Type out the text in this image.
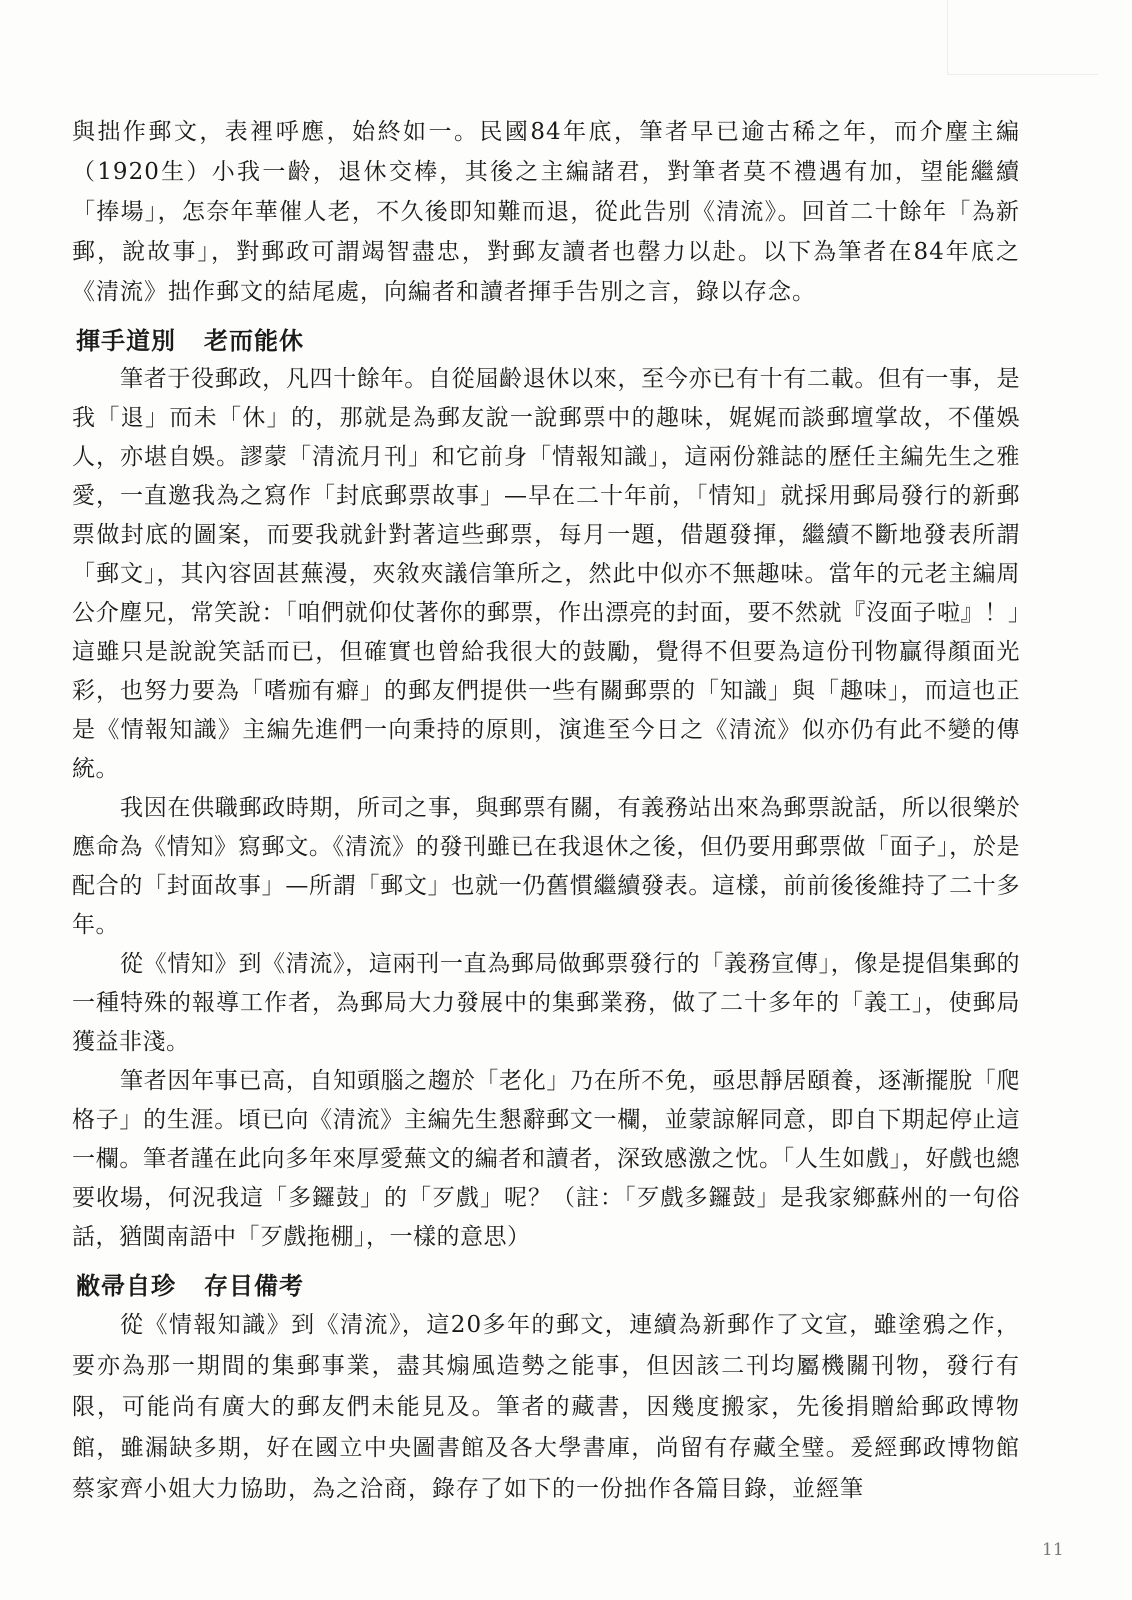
與拙作郵文，表裡呼應，始終如一。民國84年底，筆者早已逾古稀之年，而介麈主編（1920生）小我一齡，退休交棒，其後之主編諸君，對筆者莫不禮遇有加，望能繼續「捧場」，怎奈年華催人老，不久後即知難而退，從此告別《清流》。回首二十餘年「為新郵，說故事」，對郵政可謂竭智盡忠，對郵友讀者也罄力以赴。以下為筆者在84年底之《清流》拙作郵文的結尾處，向編者和讀者揮手告別之言，錄以存念。

揮手道別 老而能休

筆者于役郵政，凡四十餘年。自從屆齡退休以來，至今亦已有十有二載。但有一事，是我「退」而未「休」的，那就是為郵友說一說郵票中的趣味，娓娓而談郵壇掌故，不僅娛人，亦堪自娛。謬蒙「清流月刊」和它前身「情報知識」，這兩份雜誌的歷任主編先生之雅愛，一直邀我為之寫作「封底郵票故事」—早在二十年前，「情知」就採用郵局發行的新郵票做封底的圖案，而要我就針對著這些郵票，每月一題，借題發揮，繼續不斷地發表所謂「郵文」，其內容固甚蕪漫，夾敘夾議信筆所之，然此中似亦不無趣味。當年的元老主編周公介塵兄，常笑說：「咱們就仰仗著你的郵票，作出漂亮的封面，要不然就『沒面子啦』！」這雖只是說說笑話而已，但確實也曾給我很大的鼓勵，覺得不但要為這份刊物贏得顏面光彩，也努力要為「嗜痂有癖」的郵友們提供一些有關郵票的「知識」與「趣味」，而這也正是《情報知識》主編先進們一向秉持的原則，演進至今日之《清流》似亦仍有此不變的傳統。

我因在供職郵政時期，所司之事，與郵票有關，有義務站出來為郵票說話，所以很樂於應命為《情知》寫郵文。《清流》的發刊雖已在我退休之後，但仍要用郵票做「面子」，於是配合的「封面故事」—所謂「郵文」也就一仍舊慣繼續發表。這樣，前前後後維持了二十多年。

從《情知》到《清流》，這兩刊一直為郵局做郵票發行的「義務宣傳」，像是提倡集郵的一種特殊的報導工作者，為郵局大力發展中的集郵業務，做了二十多年的「義工」，使郵局獲益非淺。

筆者因年事已高，自知頭腦之趨於「老化」乃在所不免，亟思靜居頤養，逐漸擺脫「爬格子」的生涯。頃已向《清流》主編先生懇辭郵文一欄，並蒙諒解同意，即自下期起停止這一欄。筆者謹在此向多年來厚愛蕪文的編者和讀者，深致感激之忱。「人生如戲」，好戲也總要收場，何況我這「多鑼鼓」的「歹戲」呢？（註：「歹戲多鑼鼓」是我家鄉蘇州的一句俗話，猶閩南語中「歹戲拖棚」，一樣的意思）

敝帚自珍 存目備考

從《情報知識》到《清流》，這20多年的郵文，連續為新郵作了文宣，雖塗鴉之作，要亦為那一期間的集郵事業，盡其煽風造勢之能事，但因該二刊均屬機關刊物，發行有限，可能尚有廣大的郵友們未能見及。筆者的藏書，因幾度搬家，先後捐贈給郵政博物館，雖漏缺多期，好在國立中央圖書館及各大學書庫，尚留有存藏全璧。爰經郵政博物館蔡家齊小姐大力協助，為之洽商，錄存了如下的一份拙作各篇目錄，並經筆

11
